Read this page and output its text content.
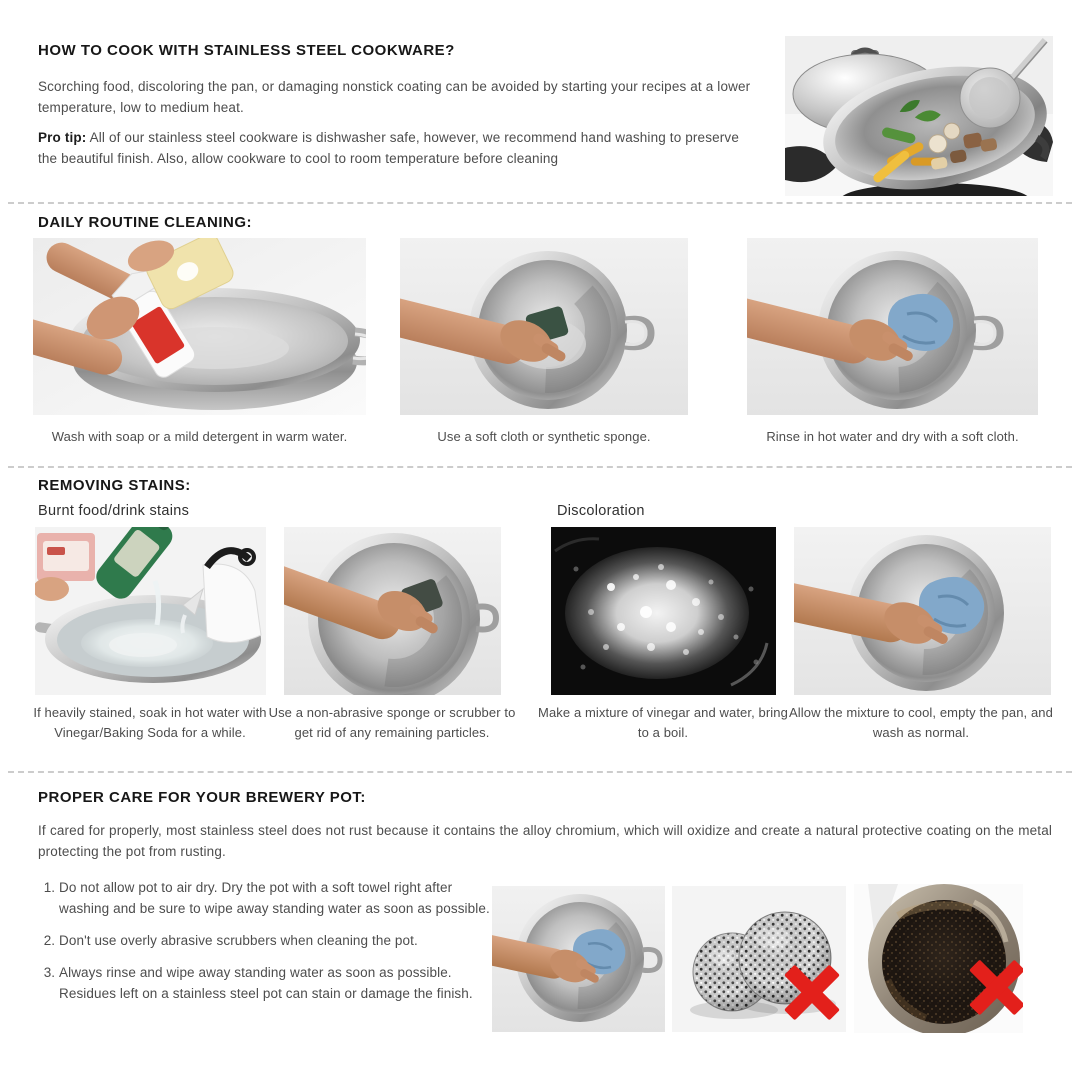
HOW TO COOK WITH STAINLESS STEEL COOKWARE?

Scorching food, discoloring the pan, or damaging nonstick coating can be avoided by starting your recipes at a lower temperature, low to medium heat.

Pro tip: All of our stainless steel cookware is dishwasher safe, however, we recommend hand washing to preserve the beautiful finish. Also, allow cookware to cool to room temperature before cleaning

DAILY ROUTINE CLEANING:
Wash with soap or a mild detergent in warm water.	Use a soft cloth or synthetic sponge.	Rinse in hot water and dry with a soft cloth.
REMOVING STAINS:
Burnt food/drink stains	Discoloration
If heavily stained, soak in hot water with Vinegar/Baking Soda for a while.
Use a non-abrasive sponge or scrubber to get rid of any remaining particles.
Make a mixture of vinegar and water, bring to a boil.
Allow the mixture to cool, empty the pan, and wash as normal.
PROPER CARE FOR YOUR BREWERY POT:

If cared for properly, most stainless steel does not rust because it contains the alloy chromium, which will oxidize and create a natural protective coating on the metal protecting the pot from rusting.

1. Do not allow pot to air dry. Dry the pot with a soft towel right after washing and be sure to wipe away standing water as soon as possible.
2. Don't use overly abrasive scrubbers when cleaning the pot.
3. Always rinse and wipe away standing water as soon as possible. Residues left on a stainless steel pot can stain or damage the finish.
